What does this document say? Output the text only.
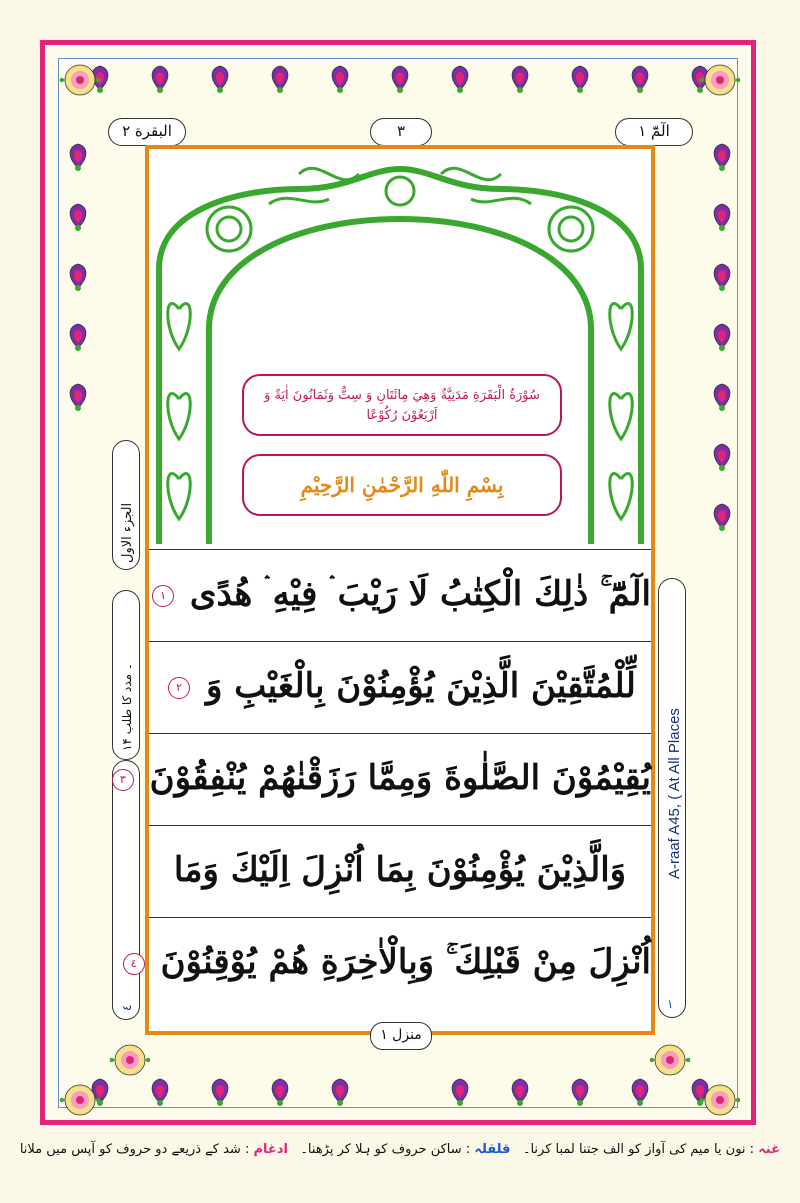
البقرة ۲	۳	الٓمّٓ ۱
الجزء الاول
۱۴ ۔ مدد کا طلب
٤
A-raaf A45, ( At All Places
١
سُوْرَةُ الْبَقَرَةِ مَدَنِيَّةٌ وَهِيَ مِائَتَانِ وَ سِتٌّ وَثَمَانُونَ اٰيَةً وَ اَرْبَعُوْنَ رُكُوْعًا
بِسْمِ اللّٰهِ الرَّحْمٰنِ الرَّحِيْمِ
الٓمّٓ ۚ ذٰلِكَ الْكِتٰبُ لَا رَيْبَ ۛ فِيْهِ ۛ هُدًى ١
لِّلْمُتَّقِيْنَ الَّذِيْنَ يُؤْمِنُوْنَ بِالْغَيْبِ وَ ٢
يُقِيْمُوْنَ الصَّلٰوةَ وَمِمَّا رَزَقْنٰهُمْ يُنْفِقُوْنَ ٣
وَالَّذِيْنَ يُؤْمِنُوْنَ بِمَا اُنْزِلَ اِلَيْكَ وَمَا
اُنْزِلَ مِنْ قَبْلِكَ ۚ وَبِالْاٰخِرَةِ هُمْ يُوْقِنُوْنَ ٤
منزل ۱
غنہ : نون یا میم کی آواز کو الف جتنا لمبا کرنا۔   قلقلہ : ساکن حروف کو ہلا کر پڑھنا۔   ادغام : شد کے ذریعے دو حروف کو آپس میں ملانا
